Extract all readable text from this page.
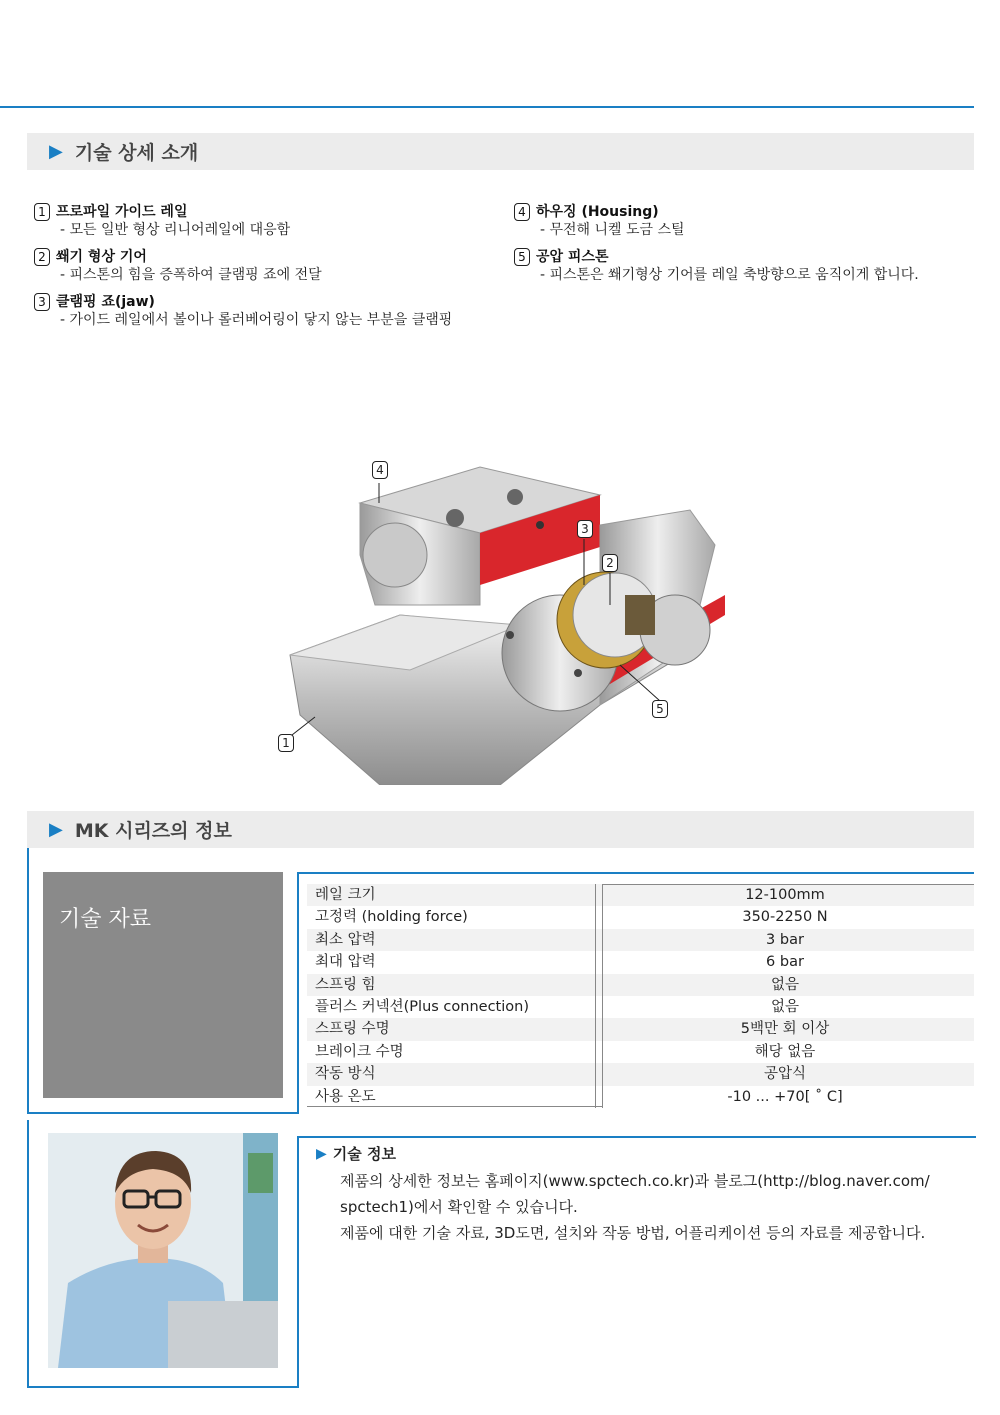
▶ 기술 상세 소개
1 프로파일 가이드 레일
- 모든 일반 형상 리니어레일에 대응함
2 쐐기 형상 기어
- 피스톤의 힘을 증폭하여 클램핑 죠에 전달
3 클램핑 죠(jaw)
- 가이드 레일에서 볼이나 롤러베어링이 닿지 않는 부분을 클램핑
4 하우징 (Housing)
- 무전해 니켈 도금 스틸
5 공압 피스톤
- 피스톤은 쐐기형상 기어를 레일 축방향으로 움직이게 합니다.
4
3
2
5
1
▶ MK 시리즈의 정보
기술 자료
레일 크기	12-100mm
고정력 (holding force)	350-2250 N
최소 압력	3 bar
최대 압력	6 bar
스프링 힘	없음
플러스 커넥션(Plus connection)	없음
스프링 수명	5백만 회 이상
브레이크 수명	해당 없음
작동 방식	공압식
사용 온도	-10 ... +70[ ˚ C]
▶ 기술 정보
제품의 상세한 정보는 홈페이지(www.spctech.co.kr)과 블로그(http://blog.naver.com/
spctech1)에서 확인할 수 있습니다.
제품에 대한 기술 자료, 3D도면, 설치와 작동 방법, 어플리케이션 등의 자료를 제공합니다.
